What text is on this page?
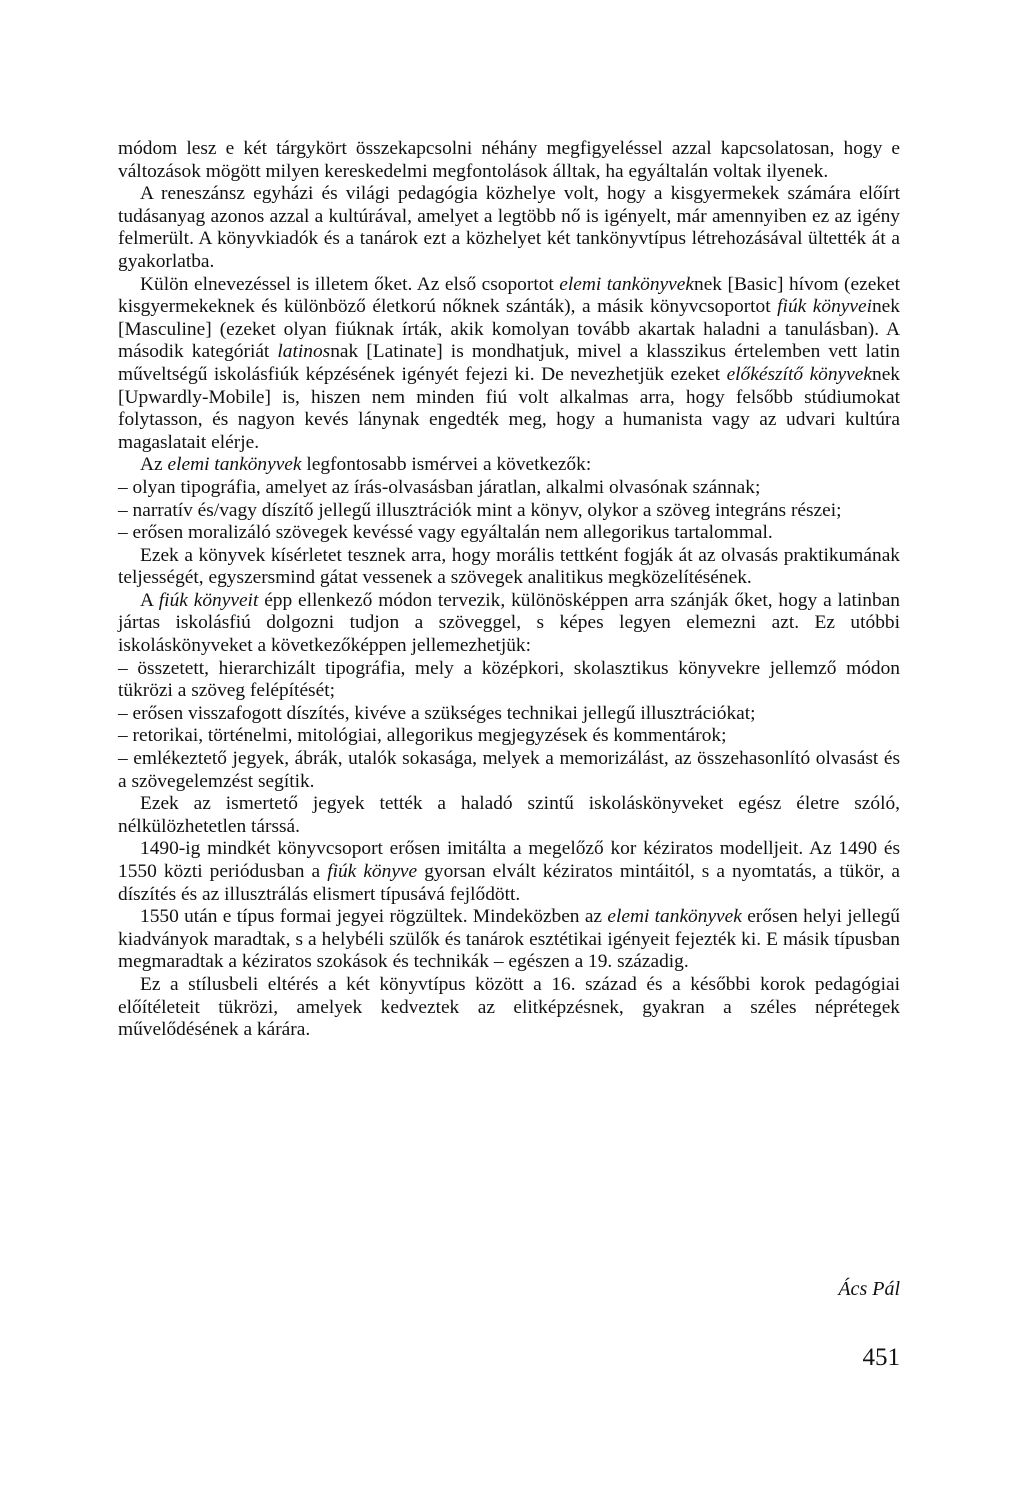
módom lesz e két tárgykört összekapcsolni néhány megfigyeléssel azzal kapcsolatosan, hogy e változások mögött milyen kereskedelmi megfontolások álltak, ha egyáltalán voltak ilyenek.

A reneszánsz egyházi és világi pedagógia közhelye volt, hogy a kisgyermekek számára előírt tudásanyag azonos azzal a kultúrával, amelyet a legtöbb nő is igényelt, már amennyiben ez az igény felmerült. A könyvkiadók és a tanárok ezt a közhelyet két tankönyvtípus létrehozásával ültették át a gyakorlatba.

Külön elnevezéssel is illetem őket. Az első csoportot elemi tankönyveknek [Basic] hívom (ezeket kisgyermekeknek és különböző életkorú nőknek szánták), a másik könyvcsoportot fiúk könyveinek [Masculine] (ezeket olyan fiúknak írták, akik komolyan tovább akartak haladni a tanulásban). A második kategóriát latinosnak [Latinate] is mondhatjuk, mivel a klasszikus értelemben vett latin műveltségű iskolásfiúk képzésének igényét fejezi ki. De nevezhetjük ezeket előkészítő könyveknek [Upwardly-Mobile] is, hiszen nem minden fiú volt alkalmas arra, hogy felsőbb stúdiumokat folytasson, és nagyon kevés lánynak engedték meg, hogy a humanista vagy az udvari kultúra magaslatait elérje.

Az elemi tankönyvek legfontosabb ismérvei a következők:

– olyan tipográfia, amelyet az írás-olvasásban járatlan, alkalmi olvasónak szánnak;

– narratív és/vagy díszítő jellegű illusztrációk mint a könyv, olykor a szöveg integráns részei;

– erősen moralizáló szövegek kevéssé vagy egyáltalán nem allegorikus tartalommal.

Ezek a könyvek kísérletet tesznek arra, hogy morális tettként fogják át az olvasás praktikumának teljességét, egyszersmind gátat vessenek a szövegek analitikus megközelítésének.

A fiúk könyveit épp ellenkező módon tervezik, különösképpen arra szánják őket, hogy a latinban jártas iskolásfiú dolgozni tudjon a szöveggel, s képes legyen elemezni azt. Ez utóbbi iskoláskönyveket a következőképpen jellemezhetjük:

– összetett, hierarchizált tipográfia, mely a középkori, skolasztikus könyvekre jellemző módon tükrözi a szöveg felépítését;

– erősen visszafogott díszítés, kivéve a szükséges technikai jellegű illusztrációkat;

– retorikai, történelmi, mitológiai, allegorikus megjegyzések és kommentárok;

– emlékeztető jegyek, ábrák, utalók sokasága, melyek a memorizálást, az összehasonlító olvasást és a szövegelemzést segítik.

Ezek az ismertető jegyek tették a haladó szintű iskoláskönyveket egész életre szóló, nélkülözhetetlen társsá.

1490-ig mindkét könyvcsoport erősen imitálta a megelőző kor kéziratos modelljeit. Az 1490 és 1550 közti periódusban a fiúk könyve gyorsan elvált kéziratos mintáitól, s a nyomtatás, a tükör, a díszítés és az illusztrálás elismert típusává fejlődött.

1550 után e típus formai jegyei rögzültek. Mindeközben az elemi tankönyvek erősen helyi jellegű kiadványok maradtak, s a helybéli szülők és tanárok esztétikai igényeit fejezték ki. E másik típusban megmaradtak a kéziratos szokások és technikák – egészen a 19. századig.

Ez a stílusbeli eltérés a két könyvtípus között a 16. század és a későbbi korok pedagógiai előítéleteit tükrözi, amelyek kedveztek az elitképzésnek, gyakran a széles néprétegek művelődésének a kárára.

Ács Pál
451
